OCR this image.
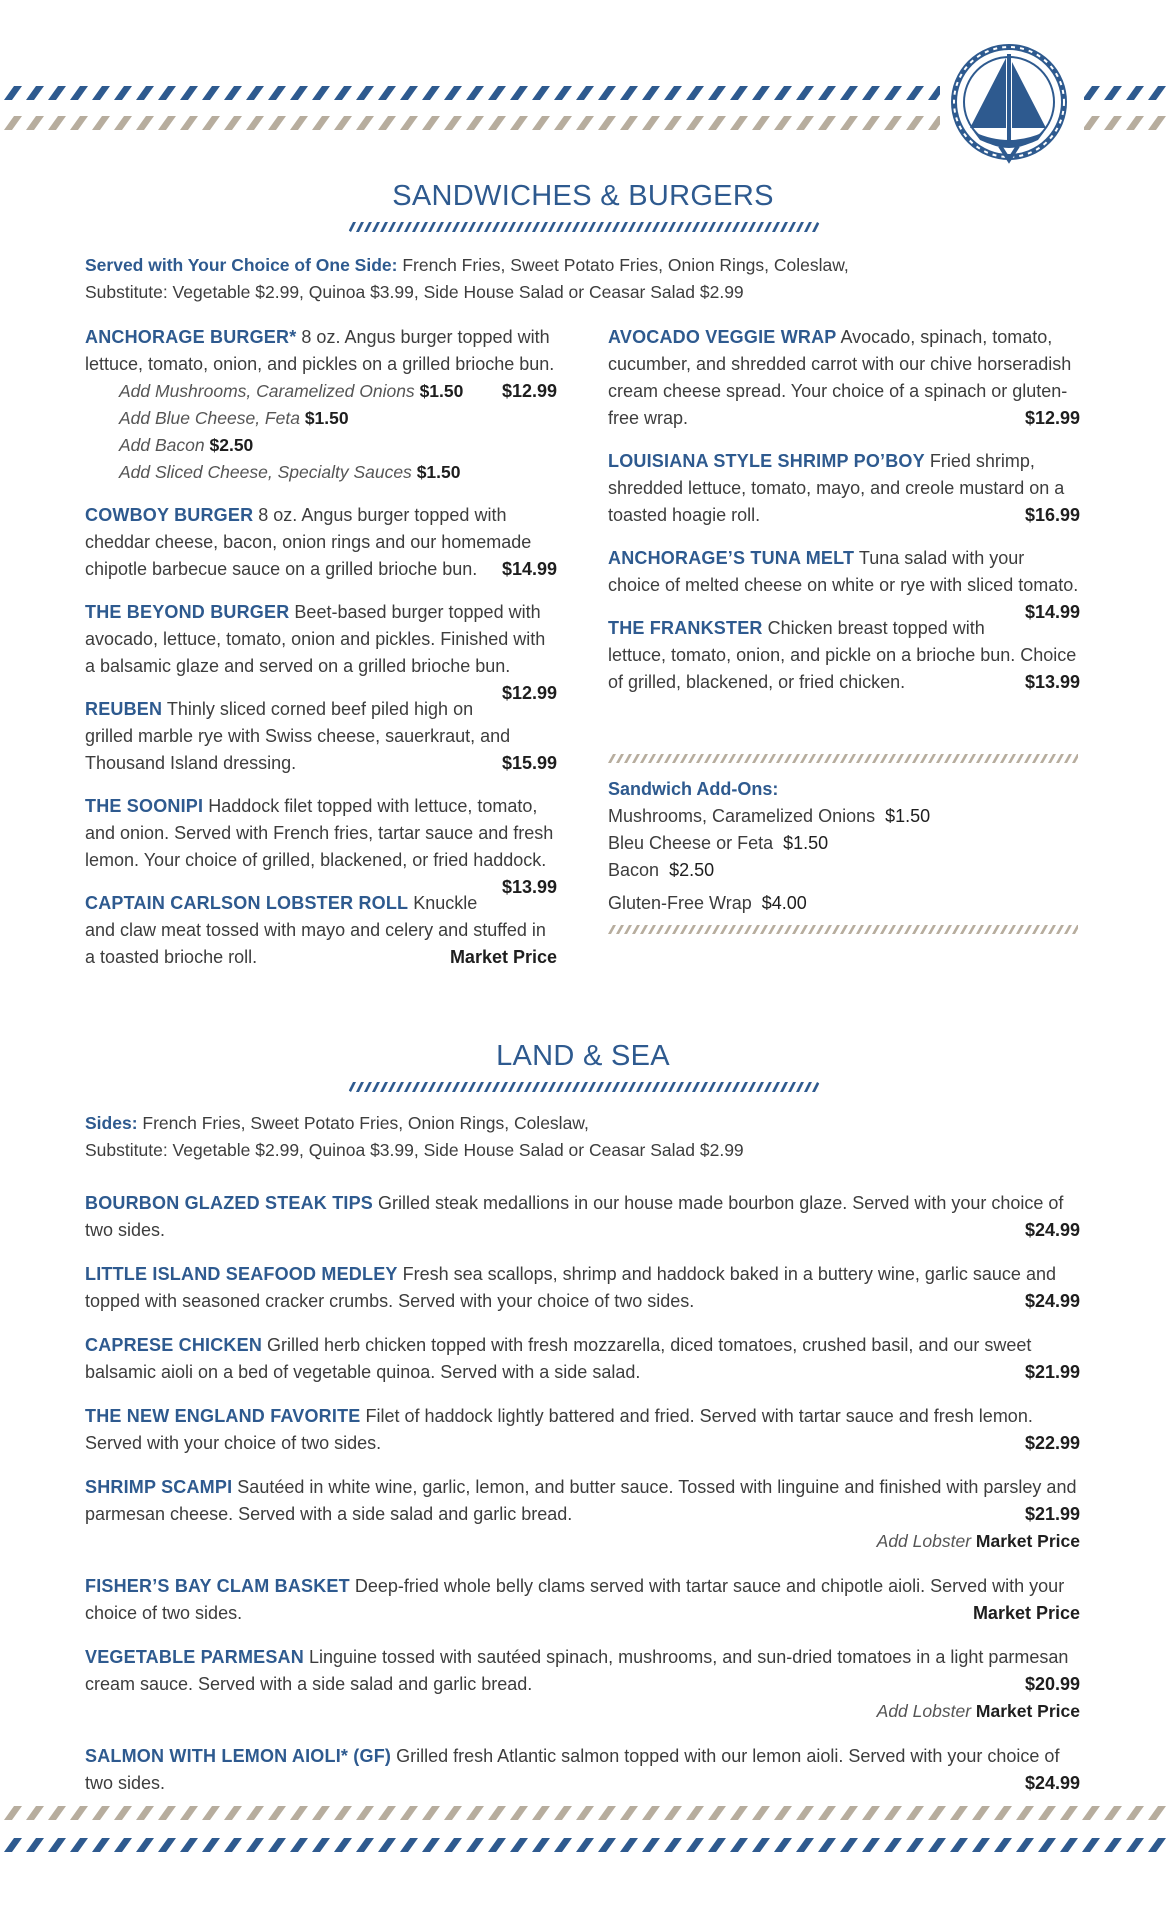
SANDWICHES & BURGERS
Served with Your Choice of One Side: French Fries, Sweet Potato Fries, Onion Rings, Coleslaw,
Substitute: Vegetable $2.99, Quinoa $3.99, Side House Salad or Ceasar Salad $2.99
ANCHORAGE BURGER* 8 oz. Angus burger topped with lettuce, tomato, onion, and pickles on a grilled brioche bun.
$12.99
Add Mushrooms, Caramelized Onions $1.50
Add Blue Cheese, Feta $1.50
Add Bacon $2.50
Add Sliced Cheese, Specialty Sauces $1.50
COWBOY BURGER 8 oz. Angus burger topped with cheddar cheese, bacon, onion rings and our homemade chipotle barbecue sauce on a grilled brioche bun. $14.99
THE BEYOND BURGER Beet-based burger topped with avocado, lettuce, tomato, onion and pickles. Finished with a balsamic glaze and served on a grilled brioche bun.
$12.99
REUBEN Thinly sliced corned beef piled high on grilled marble rye with Swiss cheese, sauerkraut, and Thousand Island dressing.	$15.99
THE SOONIPI Haddock filet topped with lettuce, tomato, and onion. Served with French fries, tartar sauce and fresh lemon. Your choice of grilled, blackened, or fried haddock.
$13.99
CAPTAIN CARLSON LOBSTER ROLL Knuckle and claw meat tossed with mayo and celery and stuffed in a toasted brioche roll.	Market Price
AVOCADO VEGGIE WRAP Avocado, spinach, tomato, cucumber, and shredded carrot with our chive horseradish cream cheese spread. Your choice of a spinach or gluten-free wrap.	$12.99
LOUISIANA STYLE SHRIMP PO’BOY Fried shrimp, shredded lettuce, tomato, mayo, and creole mustard on a toasted hoagie roll.	$16.99
ANCHORAGE’S TUNA MELT Tuna salad with your choice of melted cheese on white or rye with sliced tomato.
$14.99
THE FRANKSTER Chicken breast topped with lettuce, tomato, onion, and pickle on a brioche bun. Choice of grilled, blackened, or fried chicken.	$13.99
Sandwich Add-Ons:
Mushrooms, Caramelized Onions $1.50
Bleu Cheese or Feta $1.50
Bacon $2.50
Gluten-Free Wrap $4.00
LAND & SEA
Sides: French Fries, Sweet Potato Fries, Onion Rings, Coleslaw,
Substitute: Vegetable $2.99, Quinoa $3.99, Side House Salad or Ceasar Salad $2.99
BOURBON GLAZED STEAK TIPS Grilled steak medallions in our house made bourbon glaze. Served with your choice of two sides.	$24.99
LITTLE ISLAND SEAFOOD MEDLEY Fresh sea scallops, shrimp and haddock baked in a buttery wine, garlic sauce and topped with seasoned cracker crumbs. Served with your choice of two sides.	$24.99
CAPRESE CHICKEN Grilled herb chicken topped with fresh mozzarella, diced tomatoes, crushed basil, and our sweet balsamic aioli on a bed of vegetable quinoa. Served with a side salad.	$21.99
THE NEW ENGLAND FAVORITE Filet of haddock lightly battered and fried. Served with tartar sauce and fresh lemon. Served with your choice of two sides.	$22.99
SHRIMP SCAMPI Sautéed in white wine, garlic, lemon, and butter sauce. Tossed with linguine and finished with parsley and parmesan cheese. Served with a side salad and garlic bread.	$21.99
Add Lobster Market Price
FISHER’S BAY CLAM BASKET Deep-fried whole belly clams served with tartar sauce and chipotle aioli. Served with your choice of two sides.	Market Price
VEGETABLE PARMESAN Linguine tossed with sautéed spinach, mushrooms, and sun-dried tomatoes in a light parmesan cream sauce. Served with a side salad and garlic bread.	$20.99
Add Lobster Market Price
SALMON WITH LEMON AIOLI* (GF) Grilled fresh Atlantic salmon topped with our lemon aioli. Served with your choice of two sides.	$24.99
